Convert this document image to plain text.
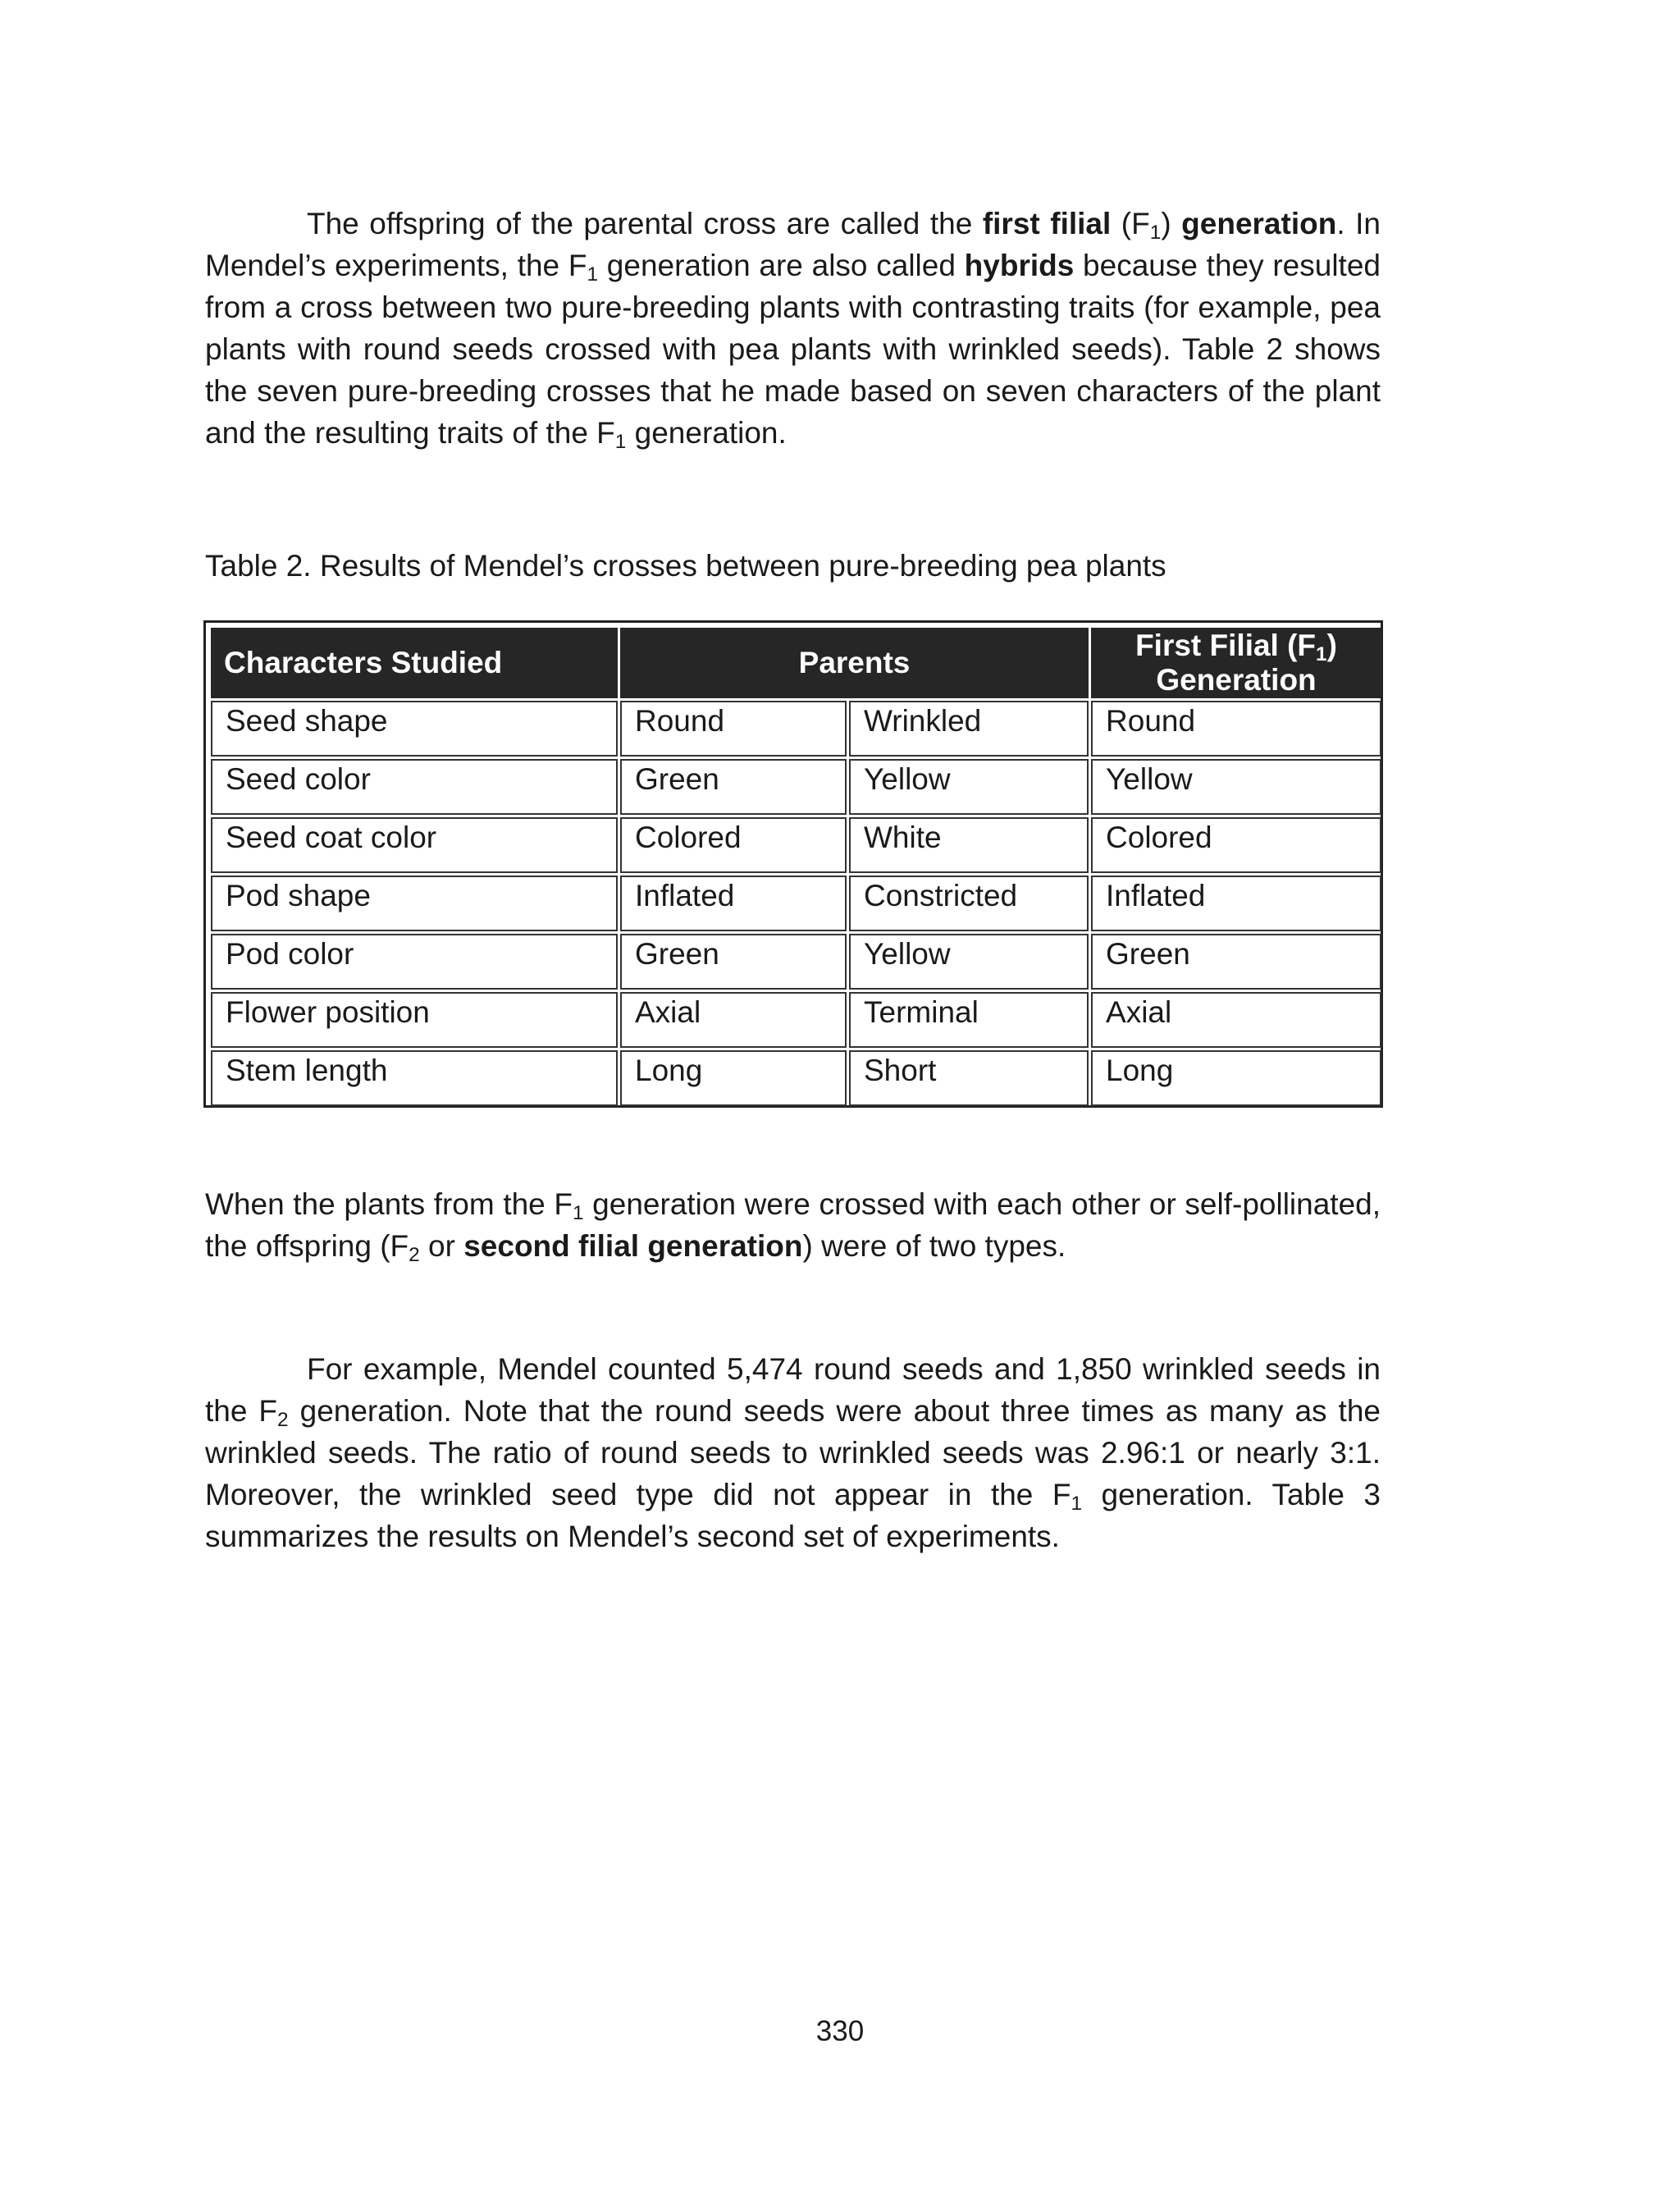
The offspring of the parental cross are called the first filial $(F_1)$ generation. In Mendel’s experiments, the $F_1$ generation are also called hybrids because they resulted from a cross between two pure-breeding plants with contrasting traits (for example, pea plants with round seeds crossed with pea plants with wrinkled seeds). Table 2 shows the seven pure-breeding crosses that he made based on seven characters of the plant and the resulting traits of the $F_1$ generation.

Table 2. Results of Mendel’s crosses between pure-breeding pea plants

Characters Studied	Parents		First Filial $(F_1)$
Generation
Seed shape	Round	Wrinkled	Round
Seed color	Green	Yellow	Yellow
Seed coat color	Colored	White	Colored
Pod shape	Inflated	Constricted	Inflated
Pod color	Green	Yellow	Green
Flower position	Axial	Terminal	Axial
Stem length	Long	Short	Long

When the plants from the $F_1$ generation were crossed with each other or self-pollinated, the offspring ($F_2$ or second filial generation) were of two types.

For example, Mendel counted 5,474 round seeds and 1,850 wrinkled seeds in the $F_2$ generation. Note that the round seeds were about three times as many as the wrinkled seeds. The ratio of round seeds to wrinkled seeds was 2.96:1 or nearly 3:1. Moreover, the wrinkled seed type did not appear in the $F_1$ generation. Table 3 summarizes the results on Mendel’s second set of experiments.

330
